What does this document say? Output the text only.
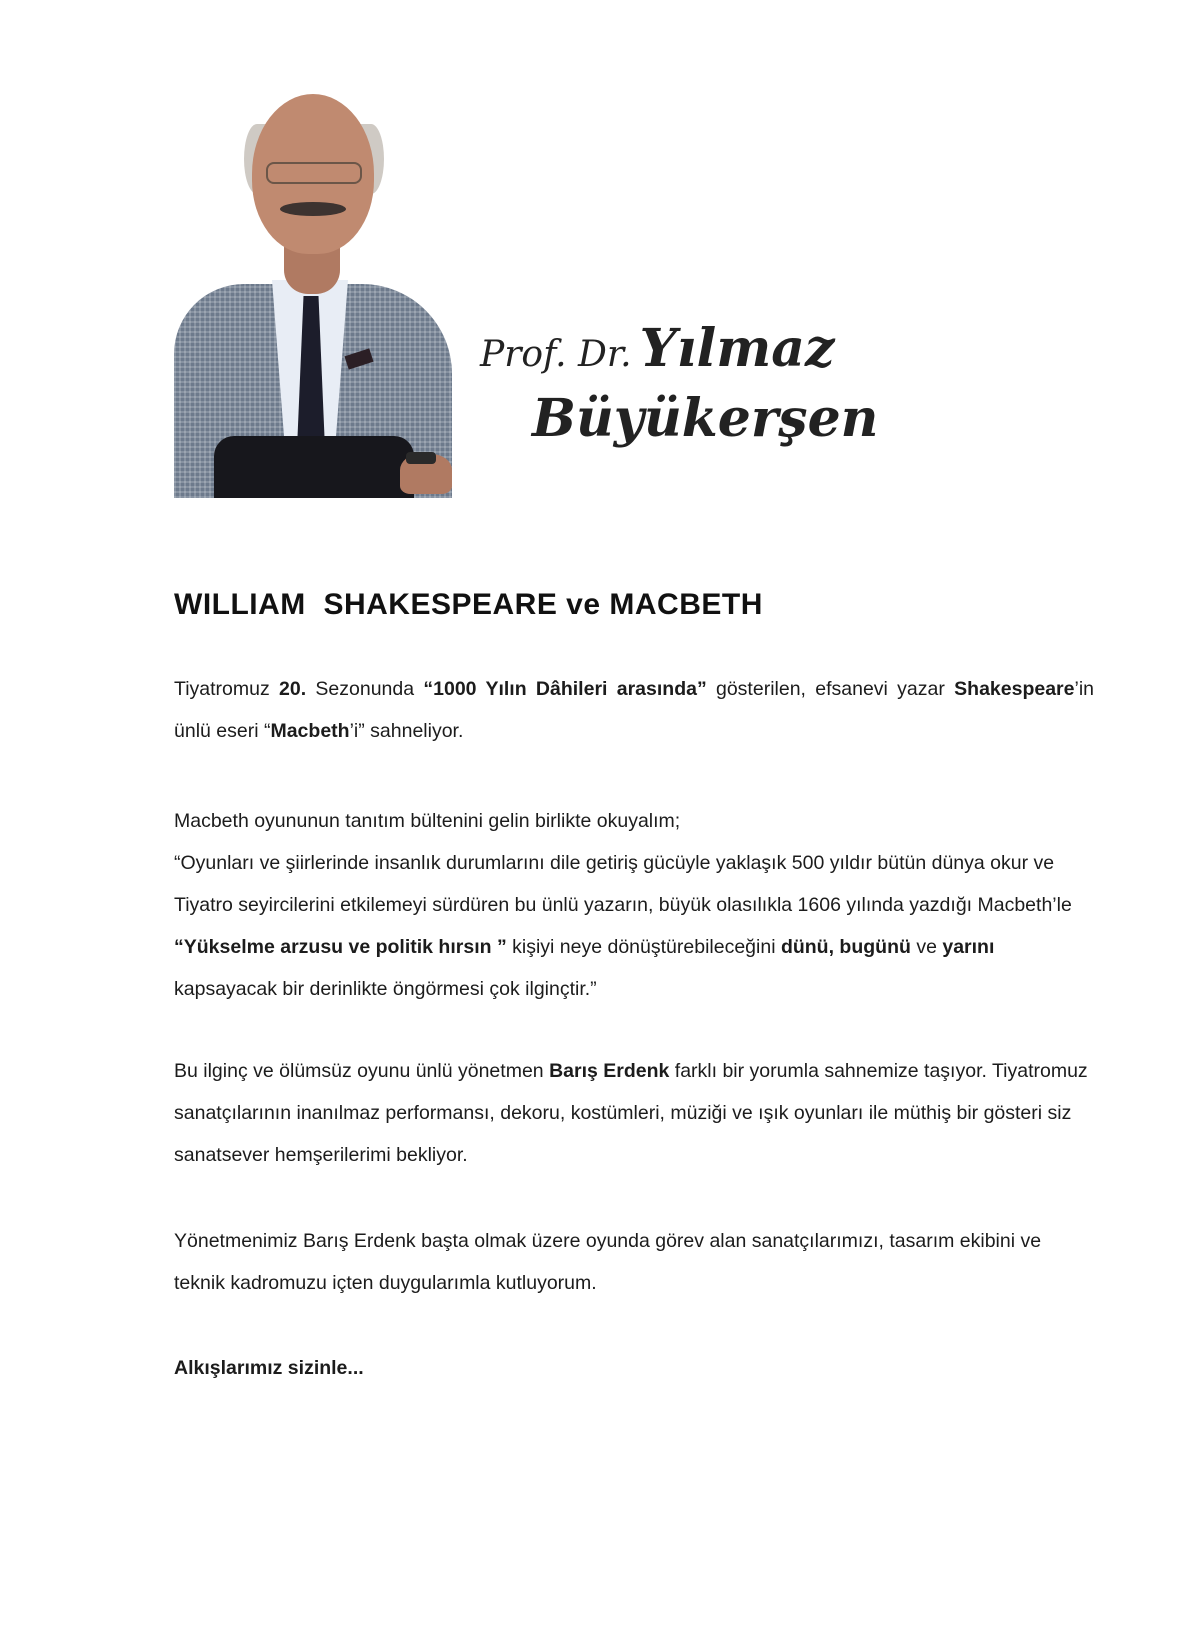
Prof. Dr. Yılmaz
Büyükerşen
WILLIAM  SHAKESPEARE ve MACBETH

Tiyatromuz 20. Sezonunda “1000 Yılın Dâhileri arasında” gösterilen, efsanevi yazar Shakespeare’in ünlü eseri “Macbeth’i” sahneliyor.

Macbeth oyununun tanıtım bültenini gelin birlikte okuyalım;
“Oyunları ve şiirlerinde insanlık durumlarını dile getiriş gücüyle yaklaşık 500 yıldır bütün dünya okur ve Tiyatro seyircilerini etkilemeyi sürdüren bu ünlü yazarın, büyük olasılıkla 1606 yılında yazdığı Macbeth’le “Yükselme arzusu ve politik hırsın ” kişiyi neye dönüştürebileceğini dünü, bugünü ve yarını kapsayacak bir derinlikte öngörmesi çok ilginçtir.”

Bu ilginç ve ölümsüz oyunu ünlü yönetmen Barış Erdenk farklı bir yorumla sahnemize taşıyor. Tiyatromuz sanatçılarının inanılmaz performansı, dekoru, kostümleri, müziği ve ışık oyunları ile müthiş bir gösteri siz sanatsever hemşerilerimi bekliyor.

Yönetmenimiz Barış Erdenk başta olmak üzere oyunda görev alan sanatçılarımızı, tasarım ekibini ve teknik kadromuzu içten duygularımla kutluyorum.

Alkışlarımız sizinle...
